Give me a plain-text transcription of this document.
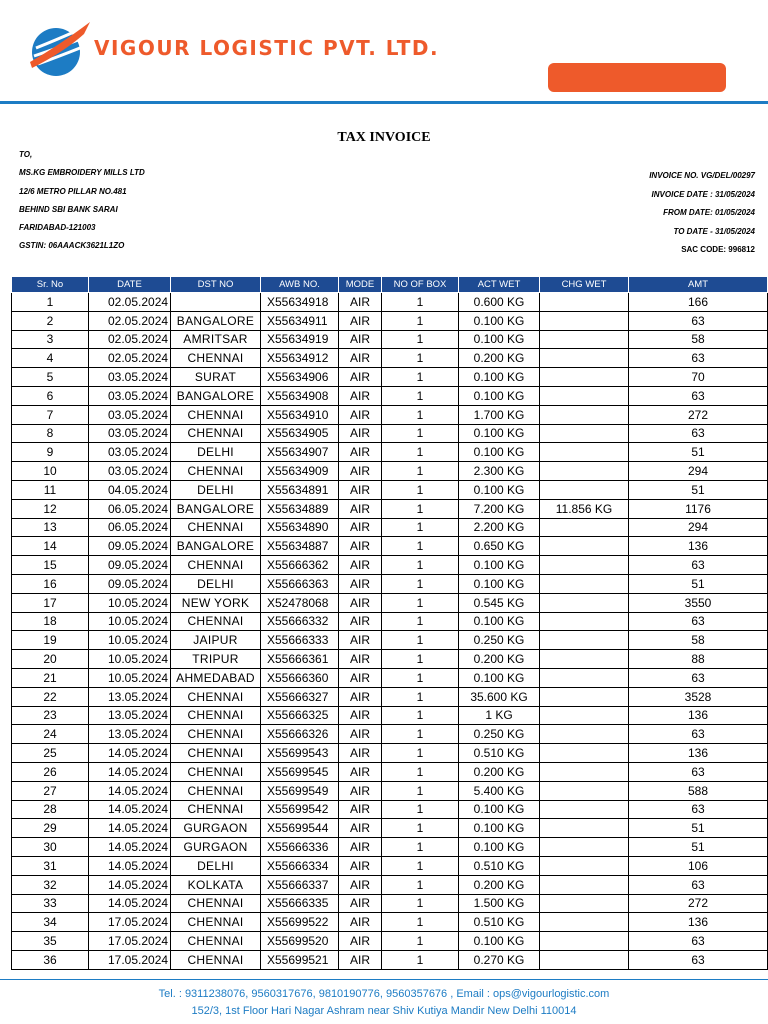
VIGOUR LOGISTIC PVT. LTD.
TAX INVOICE
TO,
MS.KG EMBROIDERY MILLS LTD
12/6 METRO PILLAR NO.481
BEHIND SBI BANK SARAI
FARIDABAD-121003
GSTIN: 06AAACK3621L1ZO
INVOICE NO. VG/DEL/00297
INVOICE DATE : 31/05/2024
FROM DATE: 01/05/2024
TO DATE - 31/05/2024
SAC CODE: 996812
Sr. No	DATE	DST NO	AWB NO.	MODE	NO OF BOX	ACT WET	CHG WET	AMT
1	02.05.2024		X55634918	AIR	1	0.600 KG		166
2	02.05.2024	BANGALORE	X55634911	AIR	1	0.100 KG		63
3	02.05.2024	AMRITSAR	X55634919	AIR	1	0.100 KG		58
4	02.05.2024	CHENNAI	X55634912	AIR	1	0.200 KG		63
5	03.05.2024	SURAT	X55634906	AIR	1	0.100 KG		70
6	03.05.2024	BANGALORE	X55634908	AIR	1	0.100 KG		63
7	03.05.2024	CHENNAI	X55634910	AIR	1	1.700 KG		272
8	03.05.2024	CHENNAI	X55634905	AIR	1	0.100 KG		63
9	03.05.2024	DELHI	X55634907	AIR	1	0.100 KG		51
10	03.05.2024	CHENNAI	X55634909	AIR	1	2.300 KG		294
11	04.05.2024	DELHI	X55634891	AIR	1	0.100 KG		51
12	06.05.2024	BANGALORE	X55634889	AIR	1	7.200 KG	11.856 KG	1176
13	06.05.2024	CHENNAI	X55634890	AIR	1	2.200 KG		294
14	09.05.2024	BANGALORE	X55634887	AIR	1	0.650 KG		136
15	09.05.2024	CHENNAI	X55666362	AIR	1	0.100 KG		63
16	09.05.2024	DELHI	X55666363	AIR	1	0.100 KG		51
17	10.05.2024	NEW YORK	X52478068	AIR	1	0.545 KG		3550
18	10.05.2024	CHENNAI	X55666332	AIR	1	0.100 KG		63
19	10.05.2024	JAIPUR	X55666333	AIR	1	0.250 KG		58
20	10.05.2024	TRIPUR	X55666361	AIR	1	0.200 KG		88
21	10.05.2024	AHMEDABAD	X55666360	AIR	1	0.100 KG		63
22	13.05.2024	CHENNAI	X55666327	AIR	1	35.600 KG		3528
23	13.05.2024	CHENNAI	X55666325	AIR	1	1 KG		136
24	13.05.2024	CHENNAI	X55666326	AIR	1	0.250 KG		63
25	14.05.2024	CHENNAI	X55699543	AIR	1	0.510 KG		136
26	14.05.2024	CHENNAI	X55699545	AIR	1	0.200 KG		63
27	14.05.2024	CHENNAI	X55699549	AIR	1	5.400 KG		588
28	14.05.2024	CHENNAI	X55699542	AIR	1	0.100 KG		63
29	14.05.2024	GURGAON	X55699544	AIR	1	0.100 KG		51
30	14.05.2024	GURGAON	X55666336	AIR	1	0.100 KG		51
31	14.05.2024	DELHI	X55666334	AIR	1	0.510 KG		106
32	14.05.2024	KOLKATA	X55666337	AIR	1	0.200 KG		63
33	14.05.2024	CHENNAI	X55666335	AIR	1	1.500 KG		272
34	17.05.2024	CHENNAI	X55699522	AIR	1	0.510 KG		136
35	17.05.2024	CHENNAI	X55699520	AIR	1	0.100 KG		63
36	17.05.2024	CHENNAI	X55699521	AIR	1	0.270 KG		63
Tel. : 9311238076, 9560317676, 9810190776, 9560357676 , Email : ops@vigourlogistic.com
152/3, 1st Floor Hari Nagar Ashram near Shiv Kutiya Mandir New Delhi 110014
